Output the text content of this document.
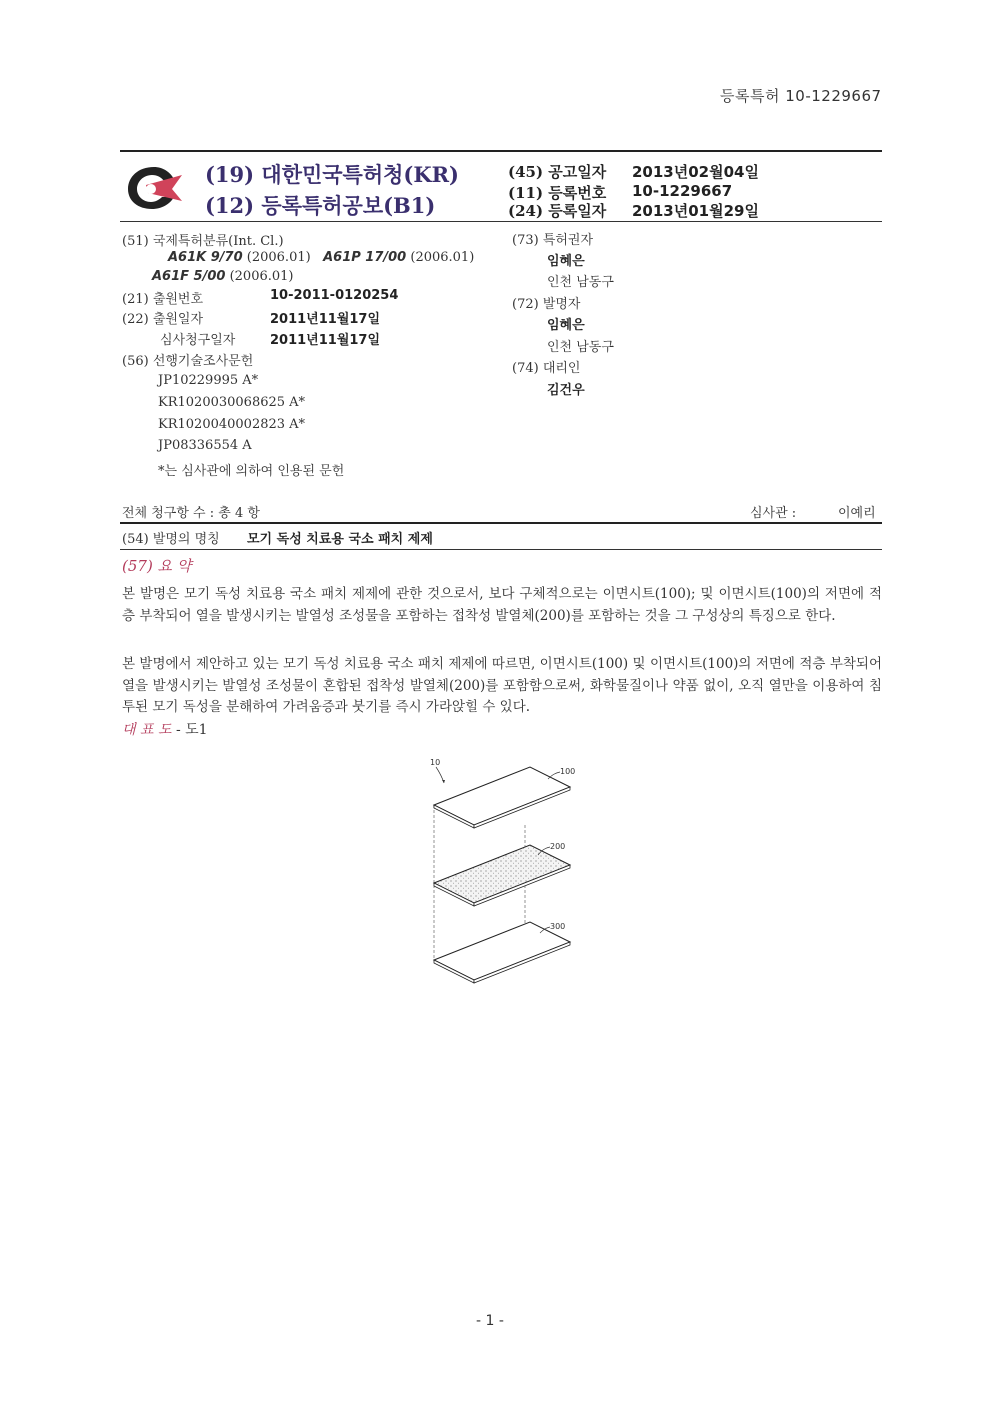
등록특허 10-1229667
(19) 대한민국특허청(KR)
(12) 등록특허공보(B1)
(45) 공고일자 2013년02월04일
(11) 등록번호 10-1229667
(24) 등록일자 2013년01월29일
(51) 국제특허분류(Int. Cl.)
A61K 9/70 (2006.01) A61P 17/00 (2006.01)
A61F 5/00 (2006.01)
(21) 출원번호	10-2011-0120254
(22) 출원일자	2011년11월17일
심사청구일자	2011년11월17일
(56) 선행기술조사문헌
JP10229995 A*
KR1020030068625 A*
KR1020040002823 A*
JP08336554 A
*는 심사관에 의하여 인용된 문헌
(73) 특허권자
임혜은
인천 남동구
(72) 발명자
임혜은
인천 남동구
(74) 대리인
김건우
전체 청구항 수 : 총 4 항	심사관 :	이예리
(54) 발명의 명칭 모기 독성 치료용 국소 패치 제제
(57) 요 약
본 발명은 모기 독성 치료용 국소 패치 제제에 관한 것으로서, 보다 구체적으로는 이면시트(100); 및 이면시트(100)의 저면에 적층 부착되어 열을 발생시키는 발열성 조성물을 포함하는 접착성 발열체(200)를 포함하는 것을 그 구성상의 특징으로 한다.
본 발명에서 제안하고 있는 모기 독성 치료용 국소 패치 제제에 따르면, 이면시트(100) 및 이면시트(100)의 저면에 적층 부착되어 열을 발생시키는 발열성 조성물이 혼합된 접착성 발열체(200)를 포함함으로써, 화학물질이나 약품 없이, 오직 열만을 이용하여 침투된 모기 독성을 분해하여 가려움증과 붓기를 즉시 가라앉힐 수 있다.
대 표 도 - 도1
10
100
200
300
- 1 -
